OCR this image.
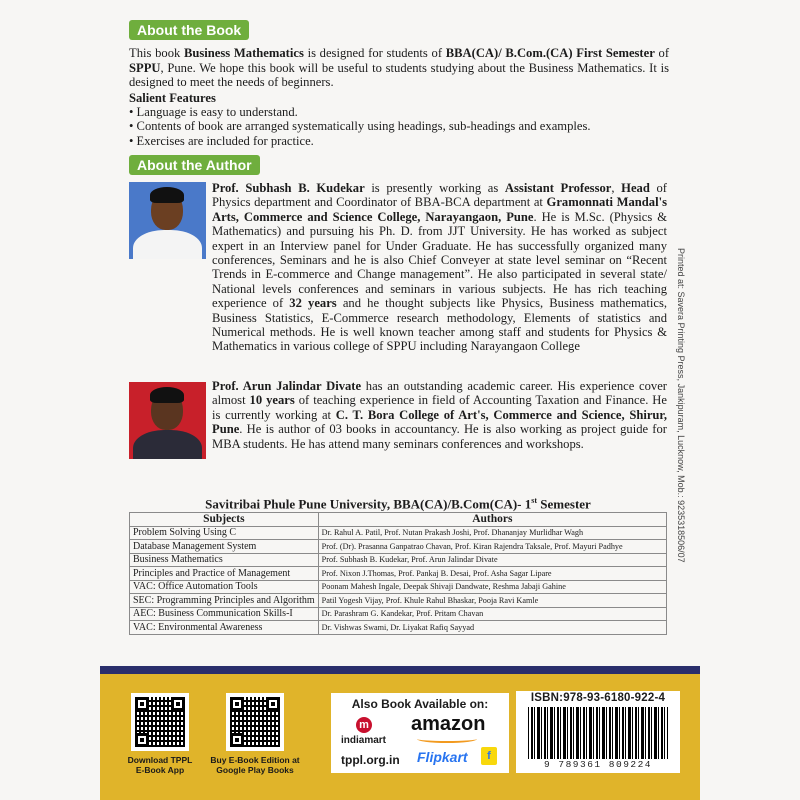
About the Book
This book Business Mathematics is designed for students of BBA(CA)/ B.Com.(CA) First Semester of SPPU, Pune. We hope this book will be useful to students studying about the Business Mathematics. It is designed to meet the needs of beginners.
Salient Features
• Language is easy to understand.
• Contents of book are arranged systematically using headings, sub-headings and examples.
• Exercises are included for practice.
About the Author
Prof. Subhash B. Kudekar is presently working as Assistant Professor, Head of Physics department and Coordinator of BBA-BCA department at Gramonnati Mandal's Arts, Commerce and Science College, Narayangaon, Pune. He is M.Sc. (Physics & Mathematics) and pursuing his Ph. D. from JJT University. He has worked as subject expert in an Interview panel for Under Graduate. He has successfully organized many conferences, Seminars and he is also Chief Conveyer at state level seminar on “Recent Trends in E-commerce and Change management”. He also participated in several state/ National levels conferences and seminars in various subjects. He has rich teaching experience of 32 years and he thought subjects like Physics, Business mathematics, Business Statistics, E-Commerce research methodology, Elements of statistics and Numerical methods. He is well known teacher among staff and students for Physics & Mathematics in various college of SPPU including Narayangaon College
Prof. Arun Jalindar Divate has an outstanding academic career. His experience cover almost 10 years of teaching experience in field of Accounting Taxation and Finance. He is currently working at C. T. Bora College of Art's, Commerce and Science, Shirur, Pune. He is author of 03 books in accountancy. He is also working as project guide for MBA students. He has attend many seminars conferences and workshops.	Printed at: Savera Printing Press, Jankipuram, Lucknow, Mob.: 9235318506/07
Savitribai Phule Pune University, BBA(CA)/B.Com(CA)- 1st Semester
Subjects	Authors
Problem Solving Using C	Dr. Rahul A. Patil, Prof. Nutan Prakash Joshi, Prof. Dhananjay Murlidhar Wagh
Database Management System	Prof. (Dr). Prasanna Ganpatrao Chavan, Prof. Kiran Rajendra Taksale, Prof. Mayuri Padhye
Business Mathematics	Prof. Subhash B. Kudekar, Prof. Arun Jalindar Divate
Principles and Practice of Management	Prof. Nixon J.Thomas, Prof. Pankaj B. Desai, Prof. Asha Sagar Lipare
VAC: Office Automation Tools	Poonam Mahesh Ingale, Deepak Shivaji Dandwate, Reshma Jabaji Gahine
SEC: Programming Principles and Algorithm	Patil Yogesh Vijay, Prof. Khule Rahul Bhaskar, Pooja Ravi Kamle
AEC: Business Communication Skills-I	Dr. Parashram G. Kandekar, Prof. Pritam Chavan
VAC: Environmental Awareness	Dr. Vishwas Swami, Dr. Liyakat Rafiq Sayyad
Download TPPL
E-Book App
Buy E-Book Edition at
Google Play Books
Also Book Available on:
m
indiamart
amazon
tppl.org.in Flipkart	f
ISBN:978-93-6180-922-4
9 789361 809224
